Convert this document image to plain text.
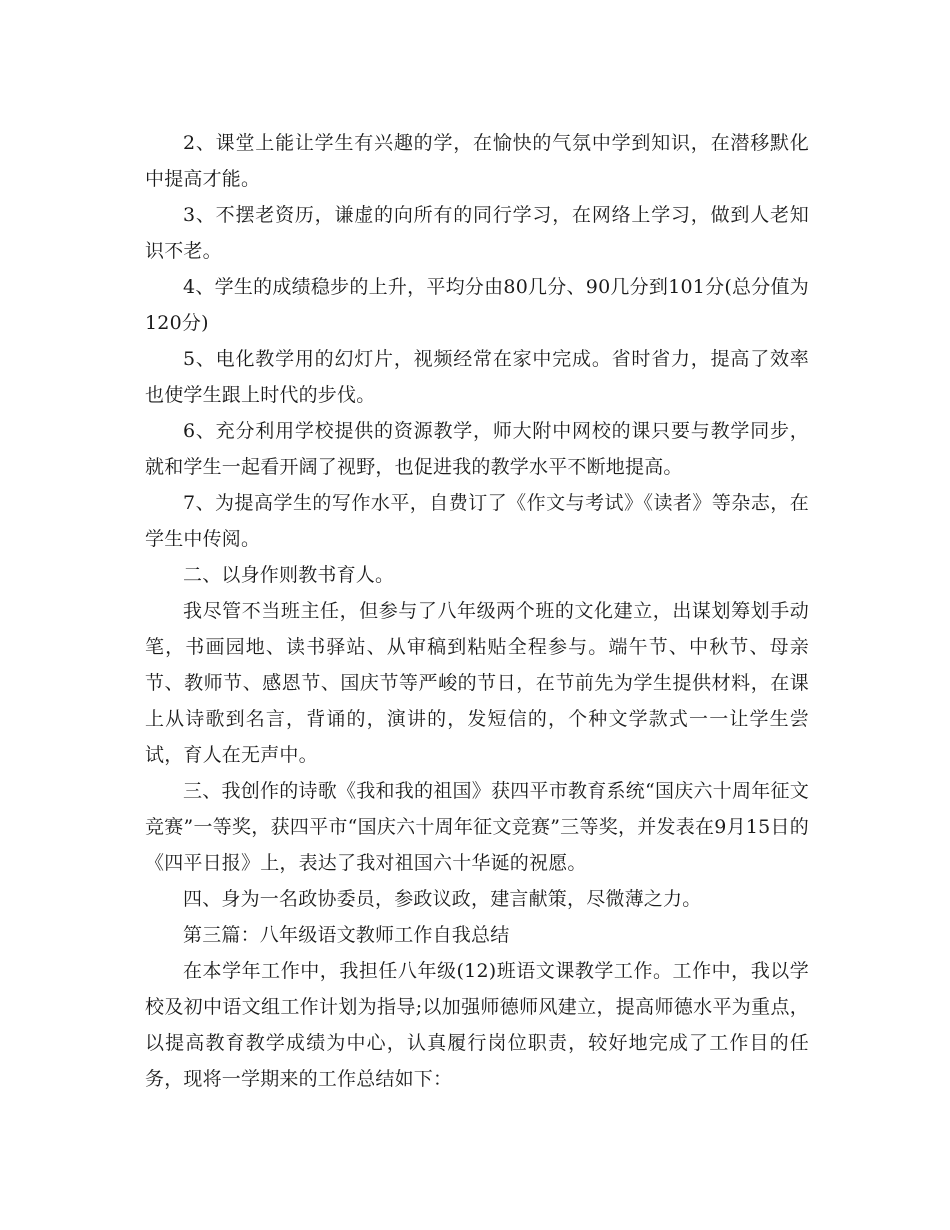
2、课堂上能让学生有兴趣的学，在愉快的气氛中学到知识，在潜移默化中提高才能。

3、不摆老资历，谦虚的向所有的同行学习，在网络上学习，做到人老知识不老。

4、学生的成绩稳步的上升，平均分由80几分、90几分到101分(总分值为120分)

5、电化教学用的幻灯片，视频经常在家中完成。省时省力，提高了效率也使学生跟上时代的步伐。

6、充分利用学校提供的资源教学，师大附中网校的课只要与教学同步，就和学生一起看开阔了视野，也促进我的教学水平不断地提高。

7、为提高学生的写作水平，自费订了《作文与考试》《读者》等杂志，在学生中传阅。

二、以身作则教书育人。

我尽管不当班主任，但参与了八年级两个班的文化建立，出谋划筹划手动笔，书画园地、读书驿站、从审稿到粘贴全程参与。端午节、中秋节、母亲节、教师节、感恩节、国庆节等严峻的节日，在节前先为学生提供材料，在课上从诗歌到名言，背诵的，演讲的，发短信的，个种文学款式一一让学生尝试，育人在无声中。

三、我创作的诗歌《我和我的祖国》获四平市教育系统“国庆六十周年征文竞赛”一等奖，获四平市“国庆六十周年征文竞赛”三等奖，并发表在9月15日的《四平日报》上，表达了我对祖国六十华诞的祝愿。

四、身为一名政协委员，参政议政，建言献策，尽微薄之力。

第三篇：八年级语文教师工作自我总结

在本学年工作中，我担任八年级(12)班语文课教学工作。工作中，我以学校及初中语文组工作计划为指导;以加强师德师风建立，提高师德水平为重点，以提高教育教学成绩为中心，认真履行岗位职责，较好地完成了工作目的任务，现将一学期来的工作总结如下：
